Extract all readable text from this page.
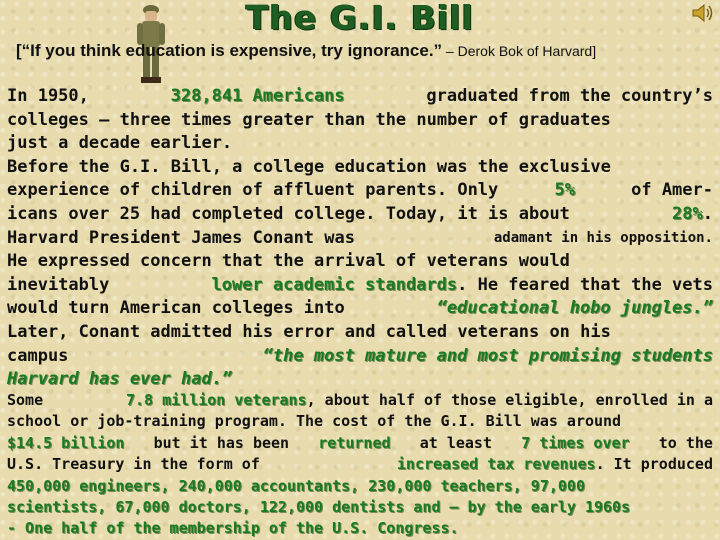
The G.I. Bill
[“If you think education is expensive, try ignorance.” – Derok Bok of Harvard]
In 1950,	328,841 Americans	graduated from the country’s
colleges – three times greater than the number of graduates
just a decade earlier.
Before the G.I. Bill, a college education was the exclusive
experience of children of affluent parents. Only	5%	of Amer-
icans over 25 had completed college. Today, it is about	28%.
Harvard President James Conant was	adamant in his opposition.
He expressed concern that the arrival of veterans would
inevitably	lower academic standards. He feared that the vets
would turn American colleges into	“educational hobo jungles.”
Later, Conant admitted his error and called veterans on his
campus	“the most mature and most promising students
Harvard has ever had.”
Some	7.8 million veterans, about half of those eligible, enrolled in a
school or job-training program. The cost of the G.I. Bill was around
$14.5 billion but it has been returned at least 7 times over to the
U.S. Treasury in the form of	increased tax revenues. It produced
450,000 engineers, 240,000 accountants, 230,000 teachers, 97,000
scientists, 67,000 doctors, 122,000 dentists and – by the early 1960s
- One half of the membership of the U.S. Congress.
